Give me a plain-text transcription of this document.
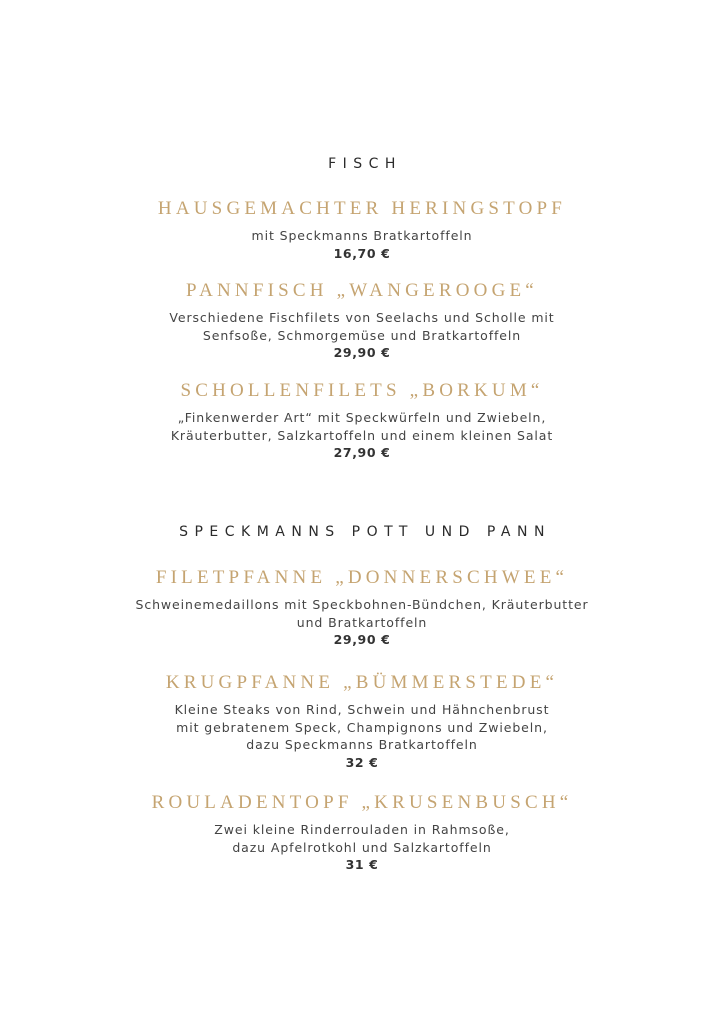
FISCH
HAUSGEMACHTER HERINGSTOPF
mit Speckmanns Bratkartoffeln
16,70 €
PANNFISCH „WANGEROOGE“
Verschiedene Fischfilets von Seelachs und Scholle mit
Senfsoße, Schmorgemüse und Bratkartoffeln
29,90 €
SCHOLLENFILETS „BORKUM“
„Finkenwerder Art“ mit Speckwürfeln und Zwiebeln,
Kräuterbutter, Salzkartoffeln und einem kleinen Salat
27,90 €
SPECKMANNS POTT UND PANN
FILETPFANNE „DONNERSCHWEE“
Schweinemedaillons mit Speckbohnen-Bündchen, Kräuterbutter
und Bratkartoffeln
29,90 €
KRUGPFANNE „BÜMMERSTEDE“
Kleine Steaks von Rind, Schwein und Hähnchenbrust
mit gebratenem Speck, Champignons und Zwiebeln,
dazu Speckmanns Bratkartoffeln
32 €
ROULADENTOPF „KRUSENBUSCH“
Zwei kleine Rinderrouladen in Rahmsoße,
dazu Apfelrotkohl und Salzkartoffeln
31 €
